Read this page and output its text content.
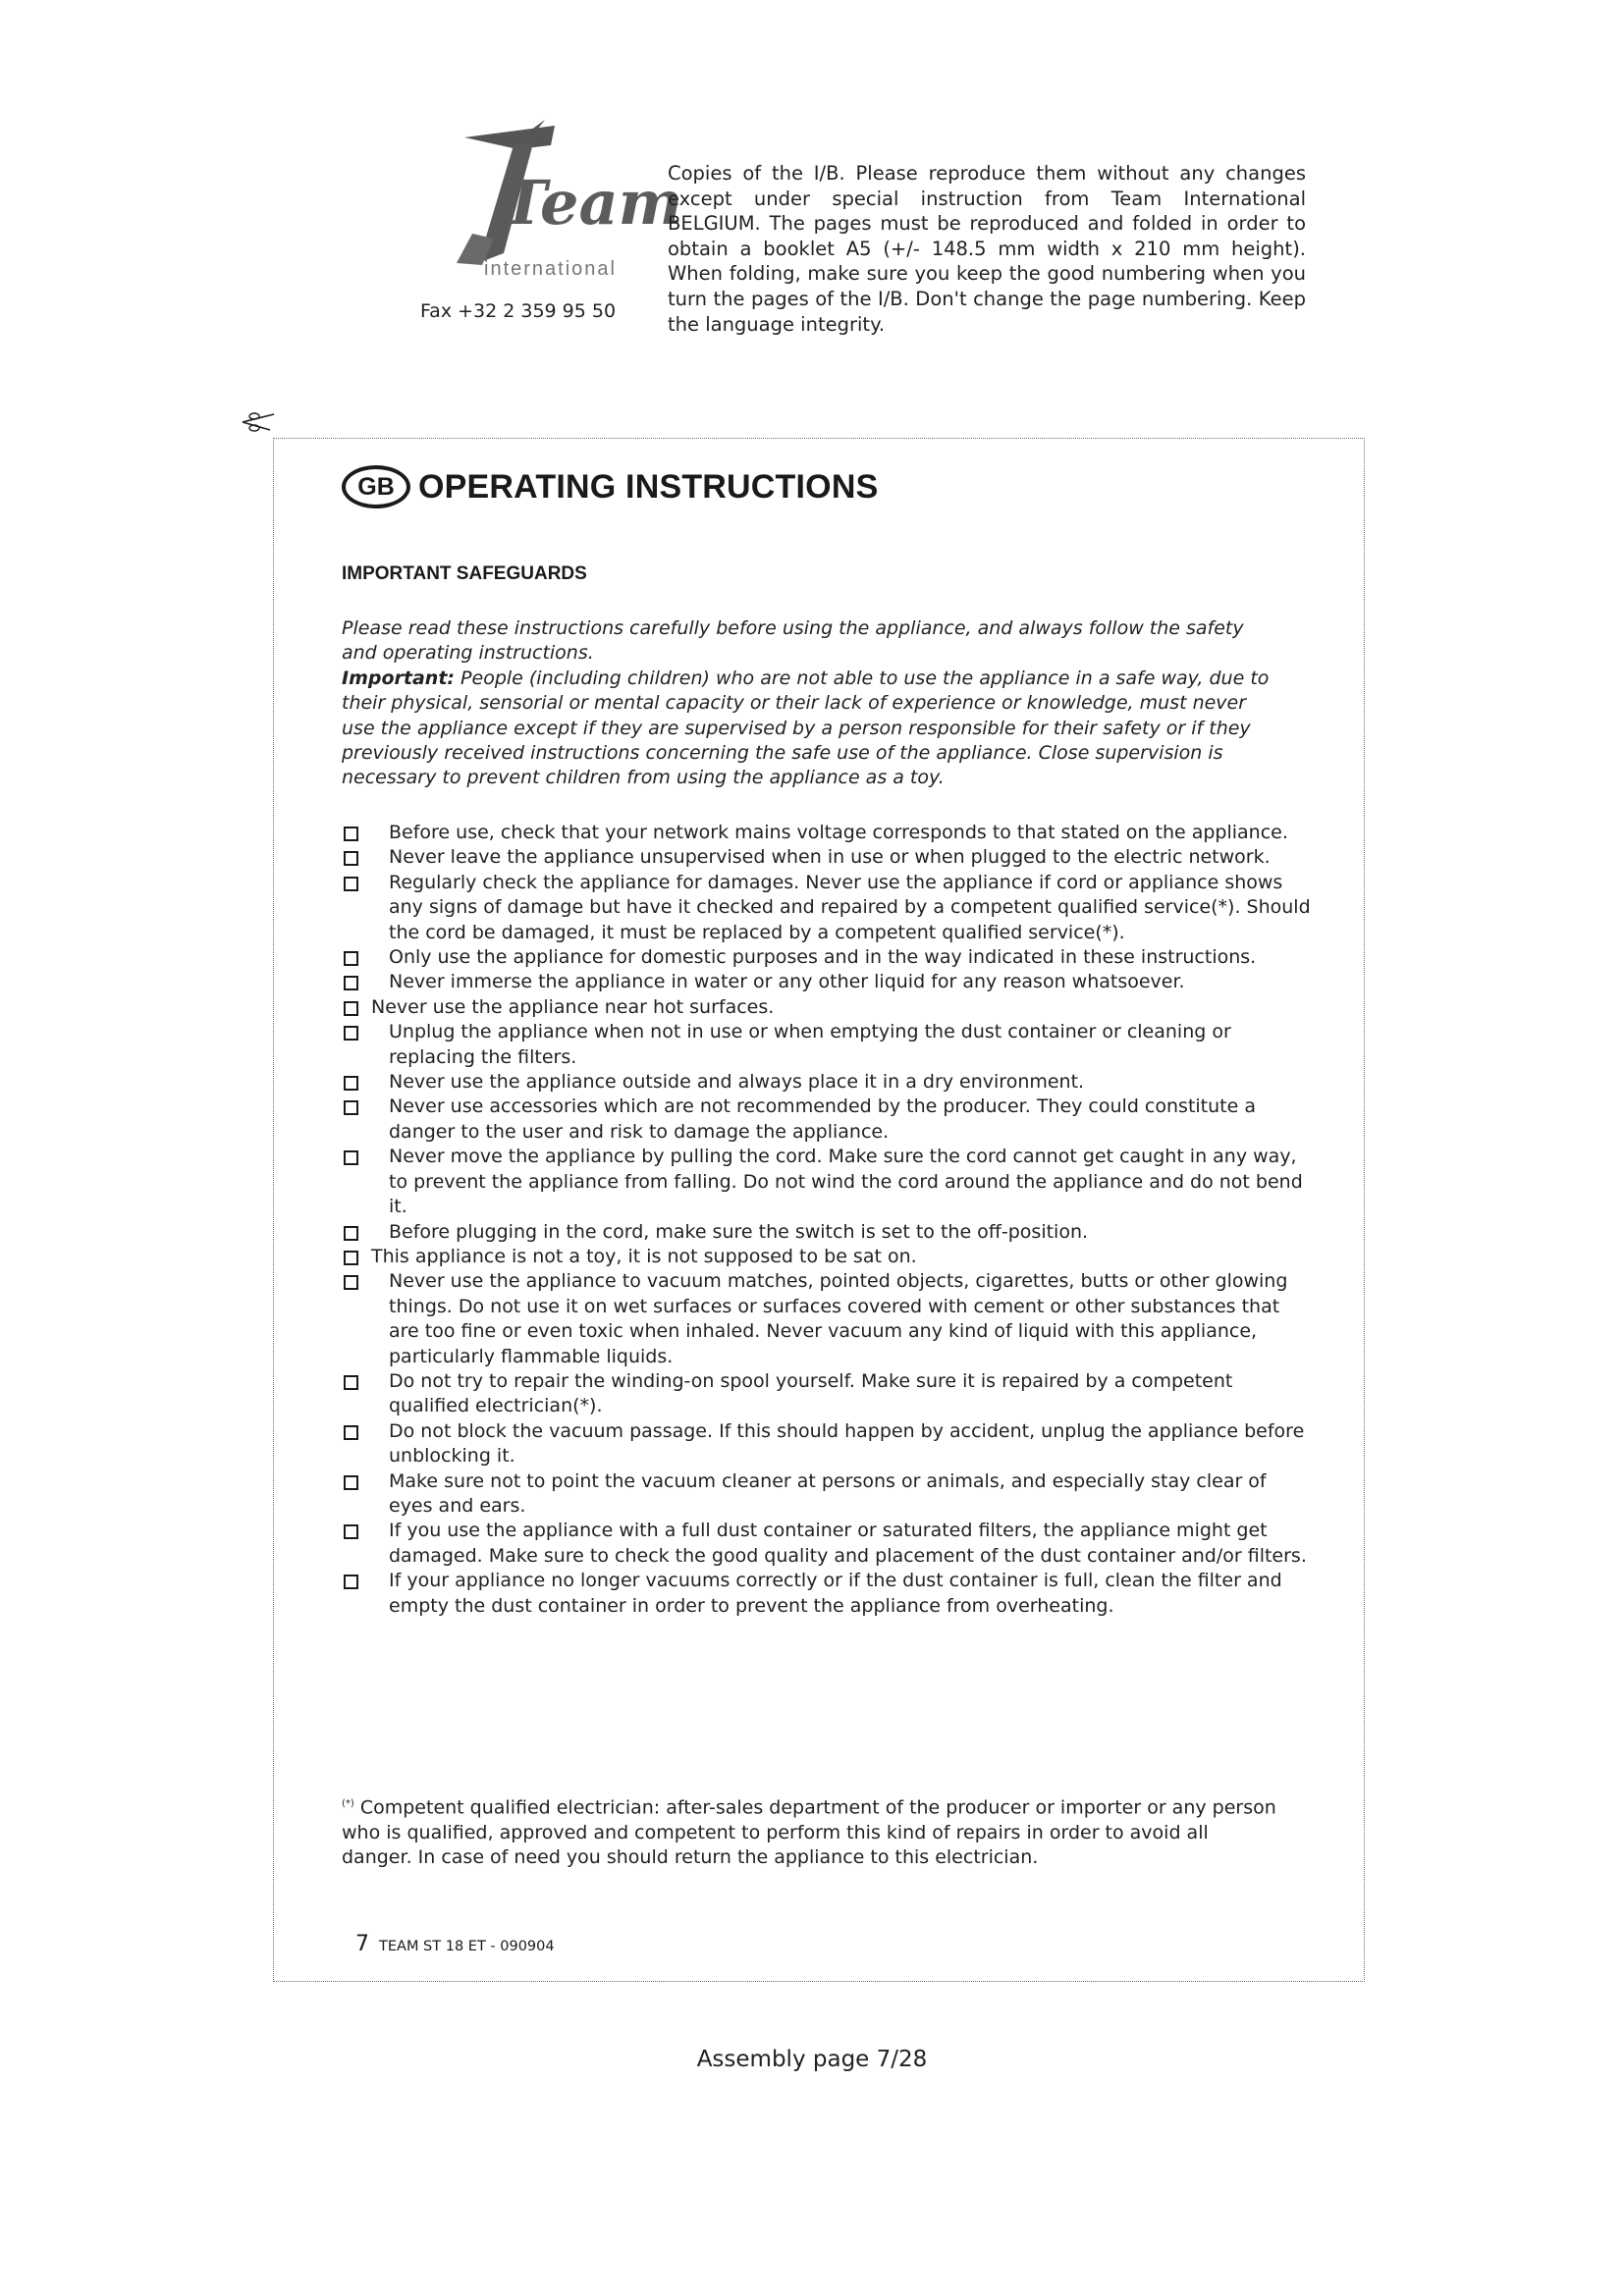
Team
international
Fax +32 2 359 95 50
Copies of the I/B. Please reproduce them without any changes except under special instruction from Team International BELGIUM. The pages must be reproduced and folded in order to obtain a booklet A5 (+/- 148.5 mm width x 210 mm height). When folding, make sure you keep the good numbering when you turn the pages of the I/B. Don't change the page numbering. Keep the language integrity.
GB OPERATING INSTRUCTIONS
IMPORTANT SAFEGUARDS

Please read these instructions carefully before using the appliance, and always follow the safety and operating instructions.

Important: People (including children) who are not able to use the appliance in a safe way, due to their physical, sensorial or mental capacity or their lack of experience or knowledge, must never use the appliance except if they are supervised by a person responsible for their safety or if they previously received instructions concerning the safe use of the appliance. Close supervision is necessary to prevent children from using the appliance as a toy.

Before use, check that your network mains voltage corresponds to that stated on the appliance.
Never leave the appliance unsupervised when in use or when plugged to the electric network.
Regularly check the appliance for damages. Never use the appliance if cord or appliance shows any signs of damage but have it checked and repaired by a competent qualified service(*). Should the cord be damaged, it must be replaced by a competent qualified service(*).
Only use the appliance for domestic purposes and in the way indicated in these instructions.
Never immerse the appliance in water or any other liquid for any reason whatsoever.
Never use the appliance near hot surfaces.
Unplug the appliance when not in use or when emptying the dust container or cleaning or replacing the filters.
Never use the appliance outside and always place it in a dry environment.
Never use accessories which are not recommended by the producer. They could constitute a danger to the user and risk to damage the appliance.
Never move the appliance by pulling the cord. Make sure the cord cannot get caught in any way, to prevent the appliance from falling. Do not wind the cord around the appliance and do not bend it.
Before plugging in the cord, make sure the switch is set to the off-position.
This appliance is not a toy, it is not supposed to be sat on.
Never use the appliance to vacuum matches, pointed objects, cigarettes, butts or other glowing things. Do not use it on wet surfaces or surfaces covered with cement or other substances that are too fine or even toxic when inhaled. Never vacuum any kind of liquid with this appliance, particularly flammable liquids.
Do not try to repair the winding-on spool yourself. Make sure it is repaired by a competent qualified electrician(*).
Do not block the vacuum passage. If this should happen by accident, unplug the appliance before unblocking it.
Make sure not to point the vacuum cleaner at persons or animals, and especially stay clear of eyes and ears.
If you use the appliance with a full dust container or saturated filters, the appliance might get damaged. Make sure to check the good quality and placement of the dust container and/or filters.
If your appliance no longer vacuums correctly or if the dust container is full, clean the filter and empty the dust container in order to prevent the appliance from overheating.
(*) Competent qualified electrician: after-sales department of the producer or importer or any person who is qualified, approved and competent to perform this kind of repairs in order to avoid all danger. In case of need you should return the appliance to this electrician.
7 TEAM ST 18 ET - 090904
Assembly page 7/28
